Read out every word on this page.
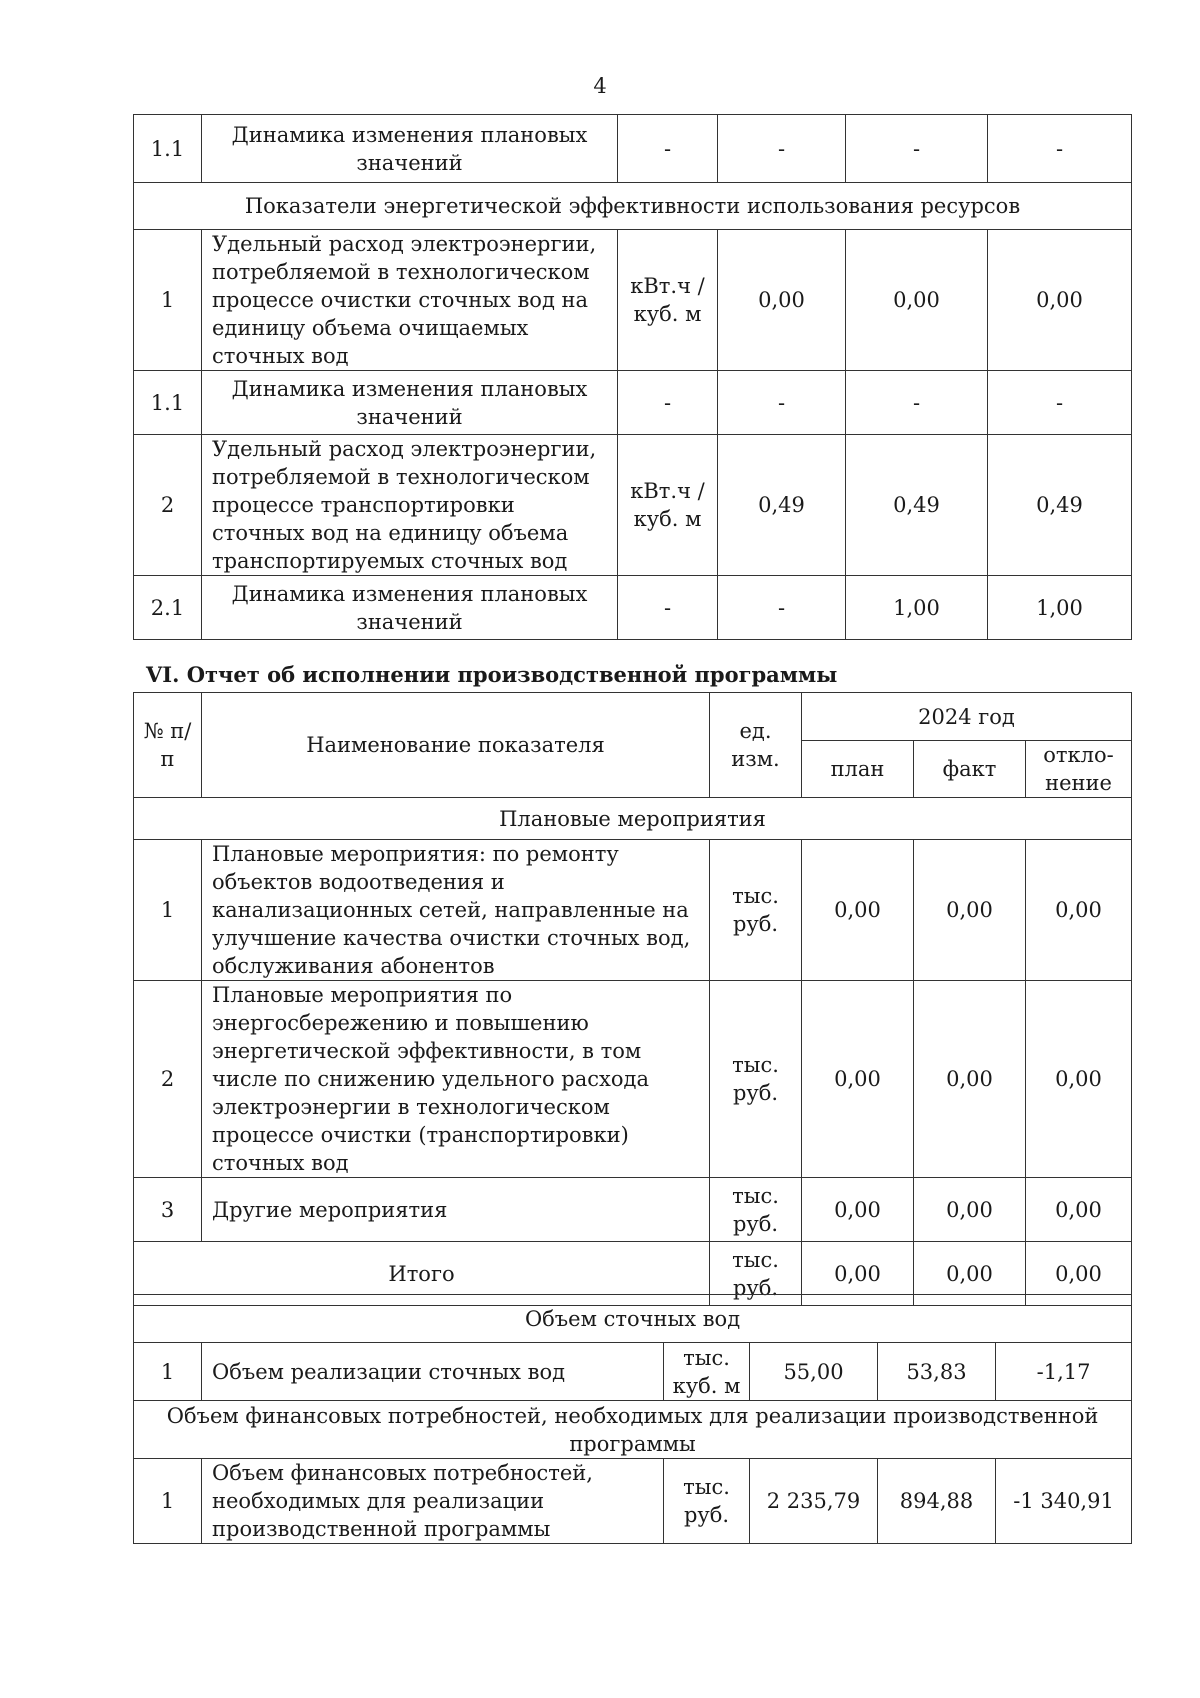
4
1.1	Динамика изменения плановых значений	-	-	-	-
Показатели энергетической эффективности использования ресурсов					
1	Удельный расход электроэнергии, потребляемой в технологическом процессе очистки сточных вод на единицу объема очищаемых сточных вод	кВт.ч / куб. м	0,00	0,00	0,00
1.1	Динамика изменения плановых значений	-	-	-	-
2	Удельный расход электроэнергии, потребляемой в технологическом процессе транспортировки сточных вод на единицу объема транспортируемых сточных вод	кВт.ч / куб. м	0,49	0,49	0,49
2.1	Динамика изменения плановых значений	-	-	1,00	1,00
VI. Отчет об исполнении производственной программы
№ п/п	Наименование показателя	ед. изм.	2024 год		
			план	факт	откло-нение
Плановые мероприятия					
1	Плановые мероприятия: по ремонту объектов водоотведения и канализационных сетей, направленные на улучшение качества очистки сточных вод, обслуживания абонентов	тыс. руб.	0,00	0,00	0,00
2	Плановые мероприятия по энергосбережению и повышению энергетической эффективности, в том числе по снижению удельного расхода электроэнергии в технологическом процессе очистки (транспортировки) сточных вод	тыс. руб.	0,00	0,00	0,00
3	Другие мероприятия	тыс. руб.	0,00	0,00	0,00
Итого		тыс. руб.	0,00	0,00	0,00
Объем сточных вод					
1	Объем реализации сточных вод	тыс. куб. м	55,00	53,83	-1,17
Объем финансовых потребностей, необходимых для реализации производственной программы					
1	Объем финансовых потребностей, необходимых для реализации производственной программы	тыс. руб.	2 235,79	894,88	-1 340,91
